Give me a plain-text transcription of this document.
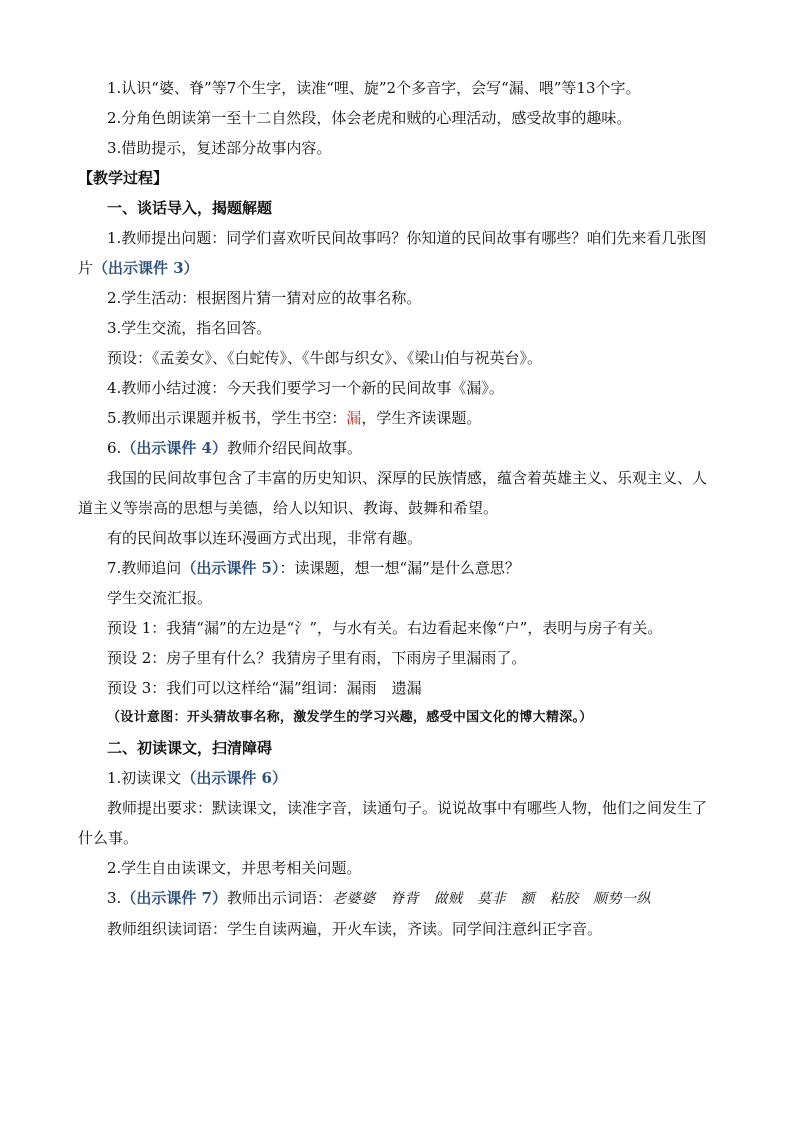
1.认识“婆、脊”等7个生字，读准“哩、旋”2个多音字，会写“漏、喂”等13个字。

2.分角色朗读第一至十二自然段，体会老虎和贼的心理活动，感受故事的趣味。

3.借助提示，复述部分故事内容。

【教学过程】

一、谈话导入，揭题解题

1.教师提出问题：同学们喜欢听民间故事吗？你知道的民间故事有哪些？咱们先来看几张图片（出示课件 3）

2.学生活动：根据图片猜一猜对应的故事名称。

3.学生交流，指名回答。

预设：《孟姜女》、《白蛇传》、《牛郎与织女》、《梁山伯与祝英台》。

4.教师小结过渡：今天我们要学习一个新的民间故事《漏》。

5.教师出示课题并板书，学生书空：漏，学生齐读课题。

6.（出示课件 4）教师介绍民间故事。

我国的民间故事包含了丰富的历史知识、深厚的民族情感，蕴含着英雄主义、乐观主义、人道主义等崇高的思想与美德，给人以知识、教诲、鼓舞和希望。

有的民间故事以连环漫画方式出现，非常有趣。

7.教师追问（出示课件 5）：读课题，想一想“漏”是什么意思？

学生交流汇报。

预设 1：我猜“漏”的左边是“氵”，与水有关。右边看起来像“户”，表明与房子有关。

预设 2：房子里有什么？我猜房子里有雨，下雨房子里漏雨了。

预设 3：我们可以这样给“漏”组词：漏雨　遗漏

（设计意图：开头猜故事名称，激发学生的学习兴趣，感受中国文化的博大精深。）

二、初读课文，扫清障碍

1.初读课文（出示课件 6）

教师提出要求：默读课文，读准字音，读通句子。说说故事中有哪些人物，他们之间发生了什么事。

2.学生自由读课文，并思考相关问题。

3.（出示课件 7）教师出示词语：老婆婆　脊背　做贼　莫非　额　粘胶　顺势一纵

教师组织读词语：学生自读两遍，开火车读，齐读。同学间注意纠正字音。
